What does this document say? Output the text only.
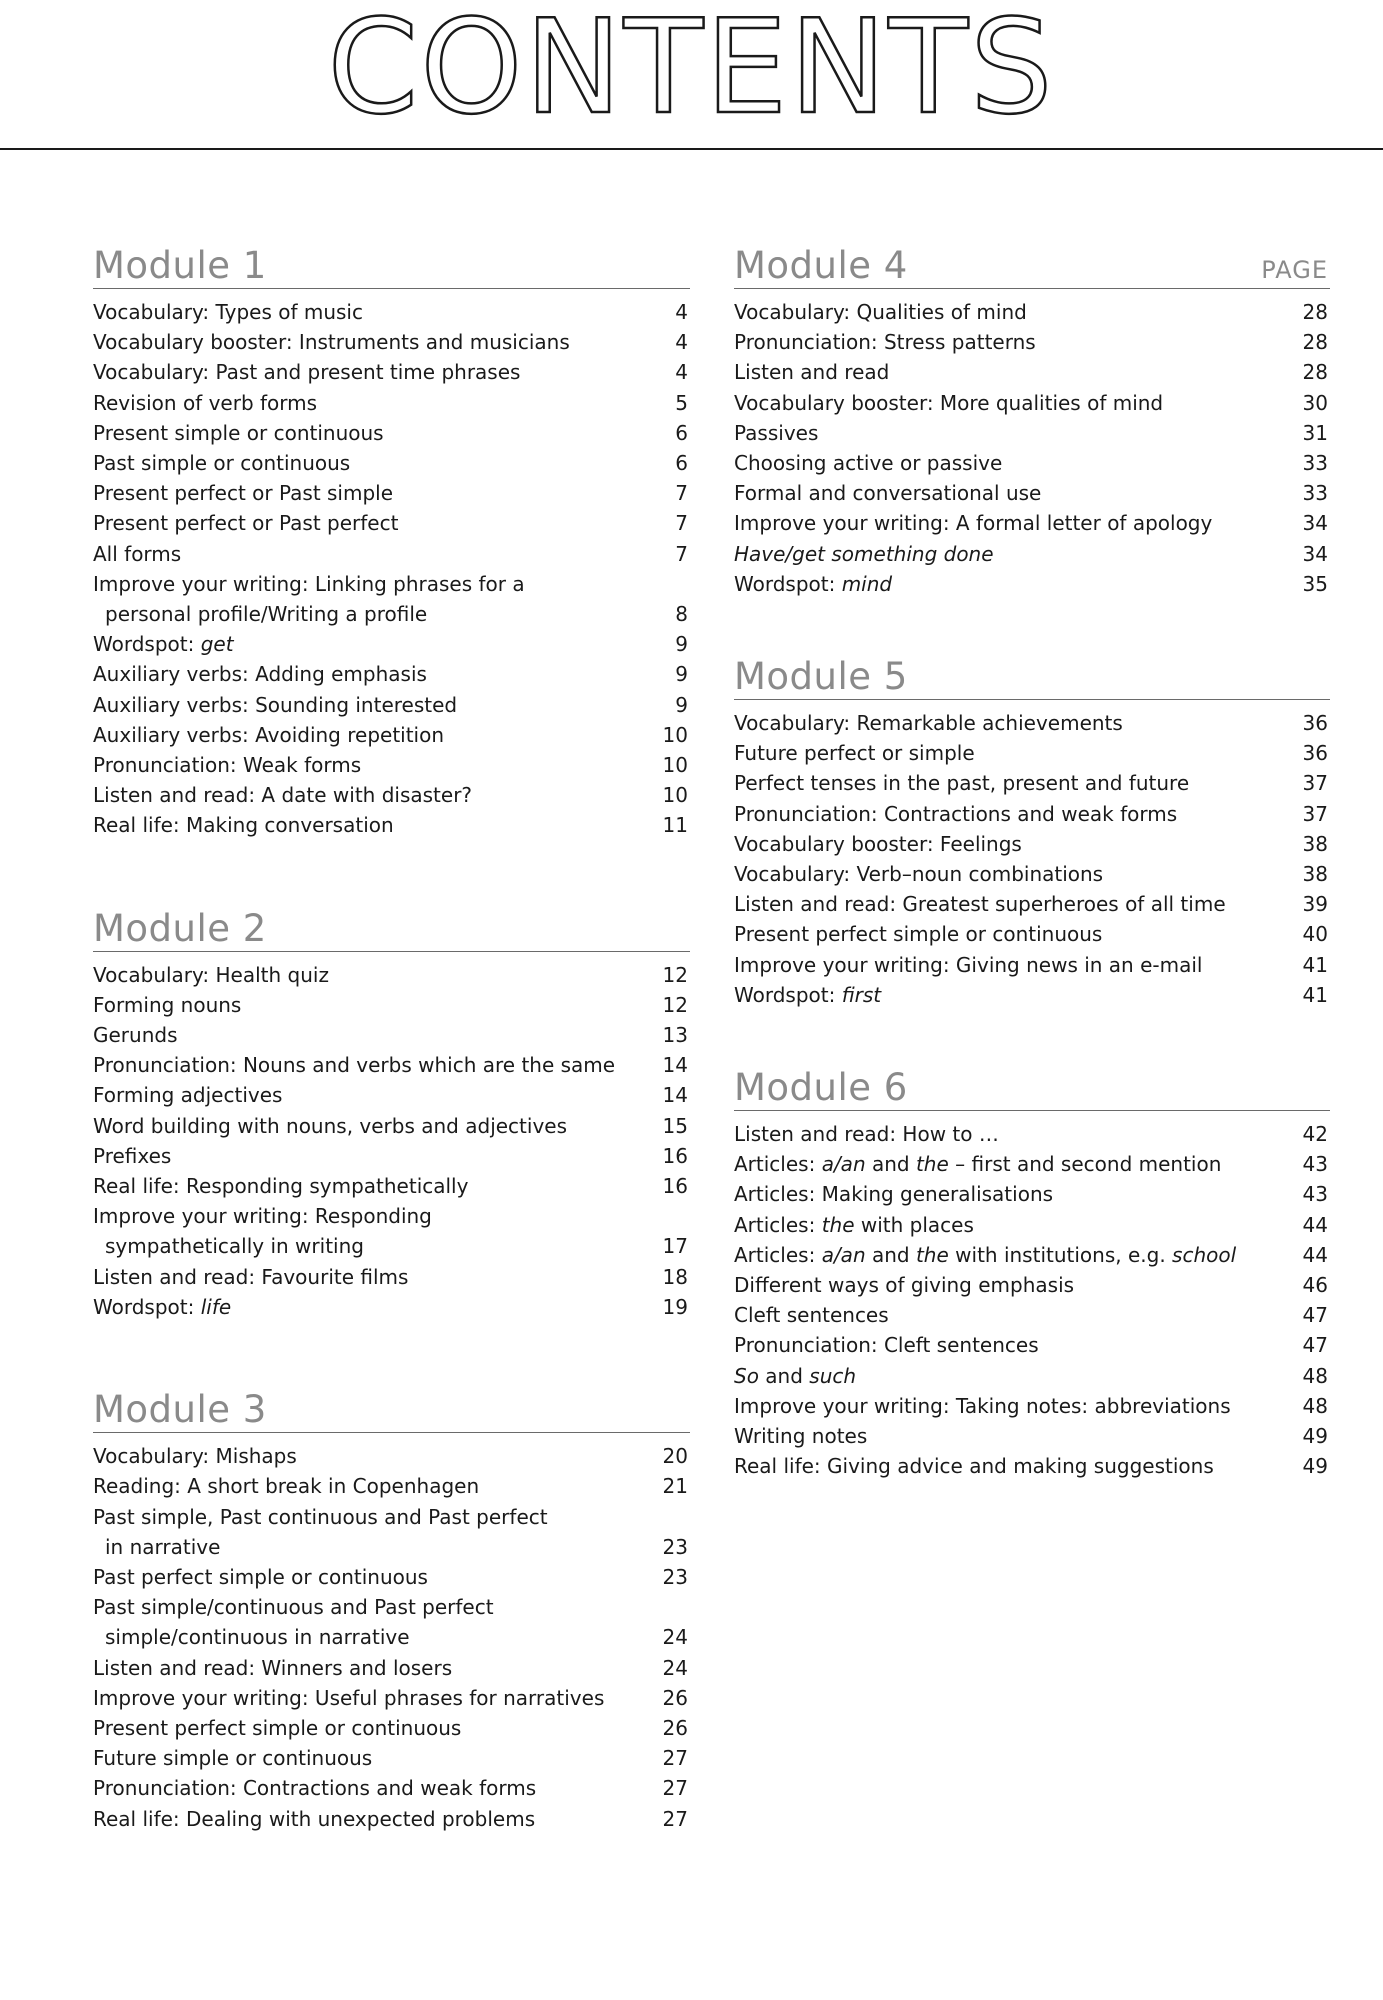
CONTENTS
Module 1
Vocabulary: Types of music	4
Vocabulary booster: Instruments and musicians	4
Vocabulary: Past and present time phrases	4
Revision of verb forms	5
Present simple or continuous	6
Past simple or continuous	6
Present perfect or Past simple	7
Present perfect or Past perfect	7
All forms	7
Improve your writing: Linking phrases for a
personal profile/Writing a profile	8
Wordspot: get	9
Auxiliary verbs: Adding emphasis	9
Auxiliary verbs: Sounding interested	9
Auxiliary verbs: Avoiding repetition	10
Pronunciation: Weak forms	10
Listen and read: A date with disaster?	10
Real life: Making conversation	11
Module 2
Vocabulary: Health quiz	12
Forming nouns	12
Gerunds	13
Pronunciation: Nouns and verbs which are the same 14
Forming adjectives	14
Word building with nouns, verbs and adjectives	15
Prefixes	16
Real life: Responding sympathetically	16
Improve your writing: Responding
sympathetically in writing	17
Listen and read: Favourite films	18
Wordspot: life	19
Module 3
Vocabulary: Mishaps	20
Reading: A short break in Copenhagen	21
Past simple, Past continuous and Past perfect
in narrative	23
Past perfect simple or continuous	23
Past simple/continuous and Past perfect
simple/continuous in narrative	24
Listen and read: Winners and losers	24
Improve your writing: Useful phrases for narratives	26
Present perfect simple or continuous	26
Future simple or continuous	27
Pronunciation: Contractions and weak forms	27
Real life: Dealing with unexpected problems	27
Module 4	PAGE
Vocabulary: Qualities of mind	28
Pronunciation: Stress patterns	28
Listen and read	28
Vocabulary booster: More qualities of mind	30
Passives	31
Choosing active or passive	33
Formal and conversational use	33
Improve your writing: A formal letter of apology	34
Have/get something done	34
Wordspot: mind	35
Module 5
Vocabulary: Remarkable achievements	36
Future perfect or simple	36
Perfect tenses in the past, present and future	37
Pronunciation: Contractions and weak forms	37
Vocabulary booster: Feelings	38
Vocabulary: Verb–noun combinations	38
Listen and read: Greatest superheroes of all time	39
Present perfect simple or continuous	40
Improve your writing: Giving news in an e-mail	41
Wordspot: first	41
Module 6
Listen and read: How to …	42
Articles: a/an and the – first and second mention	43
Articles: Making generalisations	43
Articles: the with places	44
Articles: a/an and the with institutions, e.g. school	44
Different ways of giving emphasis	46
Cleft sentences	47
Pronunciation: Cleft sentences	47
So and such	48
Improve your writing: Taking notes: abbreviations	48
Writing notes	49
Real life: Giving advice and making suggestions	49
